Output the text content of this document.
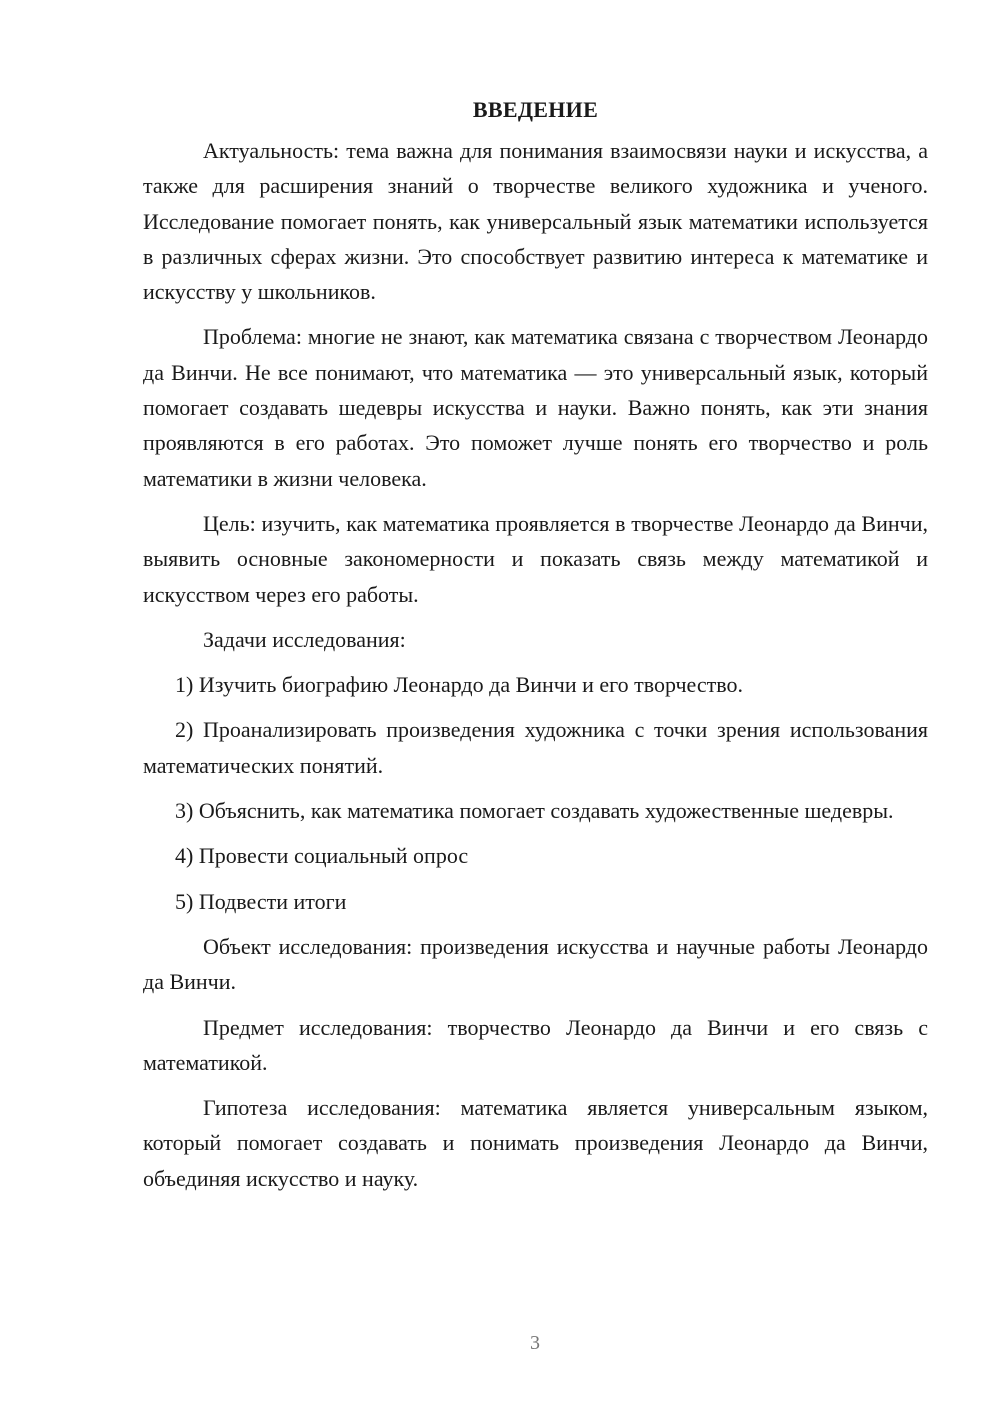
ВВЕДЕНИЕ

Актуальность: тема важна для понимания взаимосвязи науки и искусства, а также для расширения знаний о творчестве великого художника и ученого. Исследование помогает понять, как универсальный язык математики используется в различных сферах жизни. Это способствует развитию интереса к математике и искусству у школьников.

Проблема: многие не знают, как математика связана с творчеством Леонардо да Винчи. Не все понимают, что математика — это универсальный язык, который помогает создавать шедевры искусства и науки. Важно понять, как эти знания проявляются в его работах. Это поможет лучше понять его творчество и роль математики в жизни человека.

Цель: изучить, как математика проявляется в творчестве Леонардо да Винчи, выявить основные закономерности и показать связь между математикой и искусством через его работы.

Задачи исследования:

1) Изучить биографию Леонардо да Винчи и его творчество.

2) Проанализировать произведения художника с точки зрения использования математических понятий.

3) Объяснить, как математика помогает создавать художественные шедевры.

4) Провести социальный опрос

5) Подвести итоги

Объект исследования: произведения искусства и научные работы Леонардо да Винчи.

Предмет исследования: творчество Леонардо да Винчи и его связь с математикой.

Гипотеза исследования: математика является универсальным языком, который помогает создавать и понимать произведения Леонардо да Винчи, объединяя искусство и науку.

3
